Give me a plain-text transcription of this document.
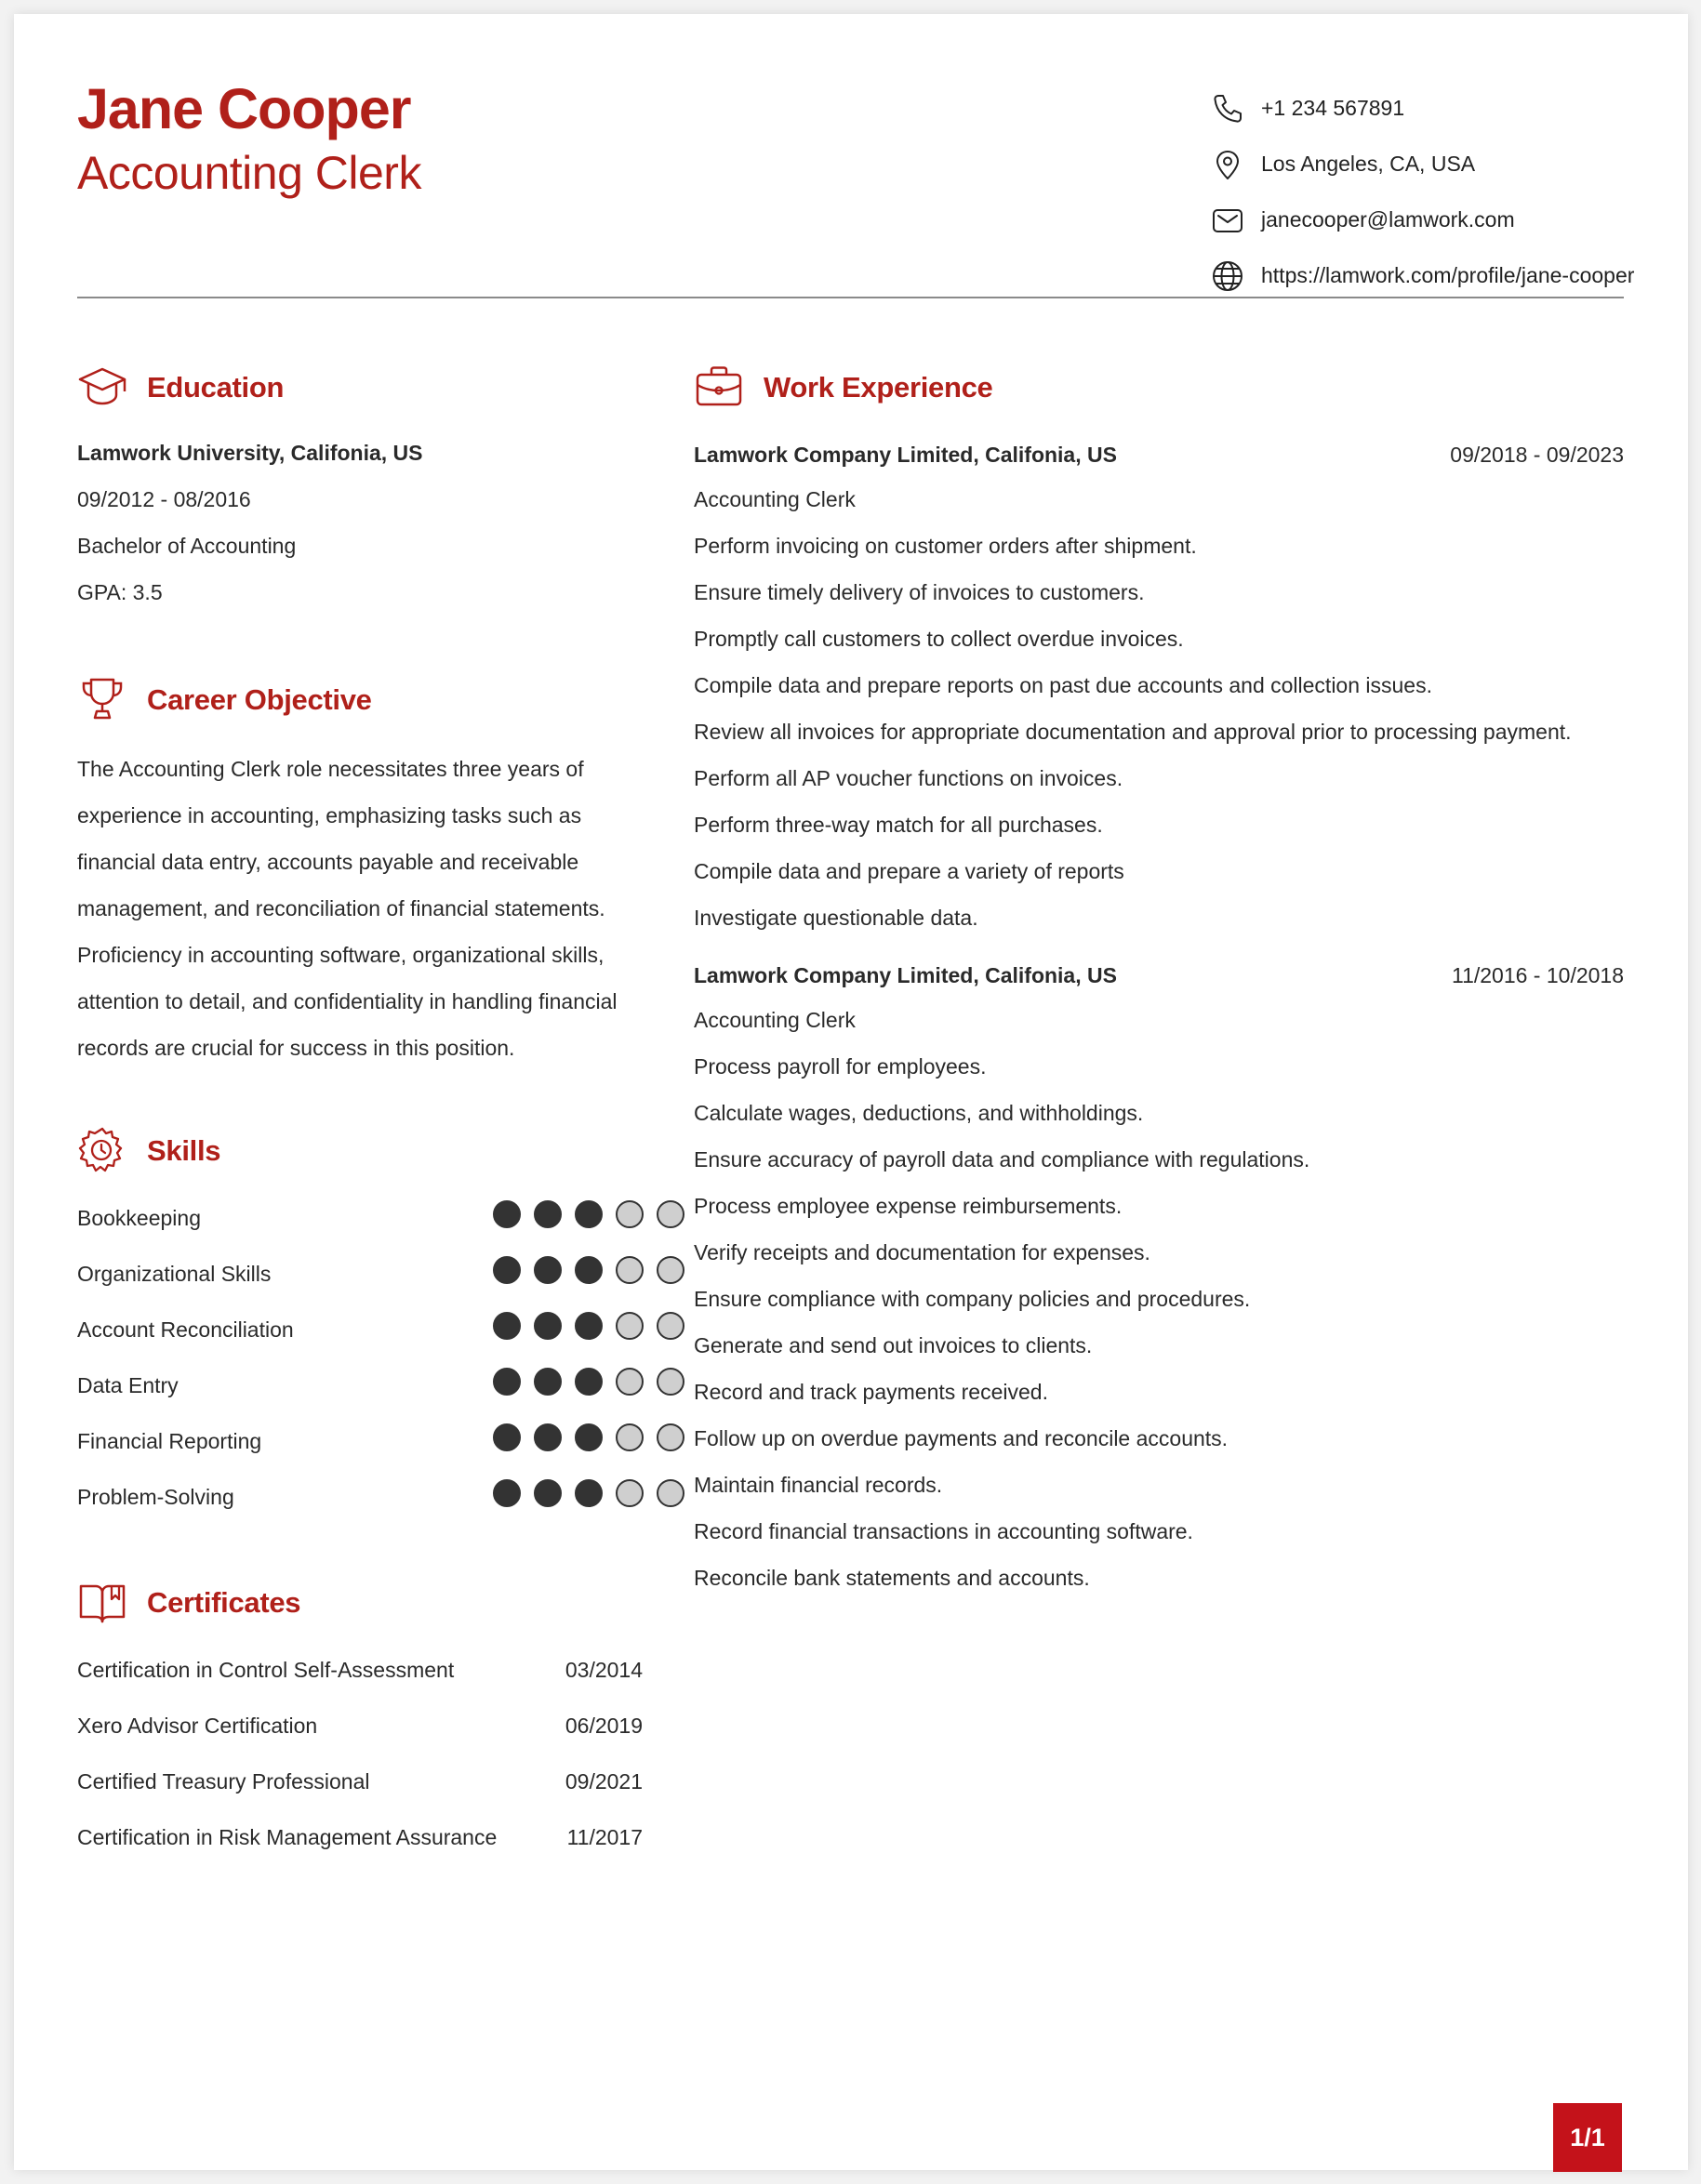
Jane Cooper
Accounting Clerk
+1 234 567891
Los Angeles, CA, USA
janecooper@lamwork.com
https://lamwork.com/profile/jane-cooper
Education
Lamwork University, Califonia, US
09/2012 - 08/2016
Bachelor of Accounting
GPA: 3.5
Career Objective
The Accounting Clerk role necessitates three years of experience in accounting, emphasizing tasks such as financial data entry, accounts payable and receivable management, and reconciliation of financial statements. Proficiency in accounting software, organizational skills, attention to detail, and confidentiality in handling financial records are crucial for success in this position.
Skills
Bookkeeping
Organizational Skills
Account Reconciliation
Data Entry
Financial Reporting
Problem-Solving
Certificates
Certification in Control Self-Assessment	03/2014
Xero Advisor Certification	06/2019
Certified Treasury Professional	09/2021
Certification in Risk Management Assurance	11/2017
Work Experience
Lamwork Company Limited, Califonia, US	09/2018 - 09/2023
Accounting Clerk
Perform invoicing on customer orders after shipment.
Ensure timely delivery of invoices to customers.
Promptly call customers to collect overdue invoices.
Compile data and prepare reports on past due accounts and collection issues.
Review all invoices for appropriate documentation and approval prior to processing payment.
Perform all AP voucher functions on invoices.
Perform three-way match for all purchases.
Compile data and prepare a variety of reports
Investigate questionable data.
Lamwork Company Limited, Califonia, US	11/2016 - 10/2018
Accounting Clerk
Process payroll for employees.
Calculate wages, deductions, and withholdings.
Ensure accuracy of payroll data and compliance with regulations.
Process employee expense reimbursements.
Verify receipts and documentation for expenses.
Ensure compliance with company policies and procedures.
Generate and send out invoices to clients.
Record and track payments received.
Follow up on overdue payments and reconcile accounts.
Maintain financial records.
Record financial transactions in accounting software.
Reconcile bank statements and accounts.
1/1
